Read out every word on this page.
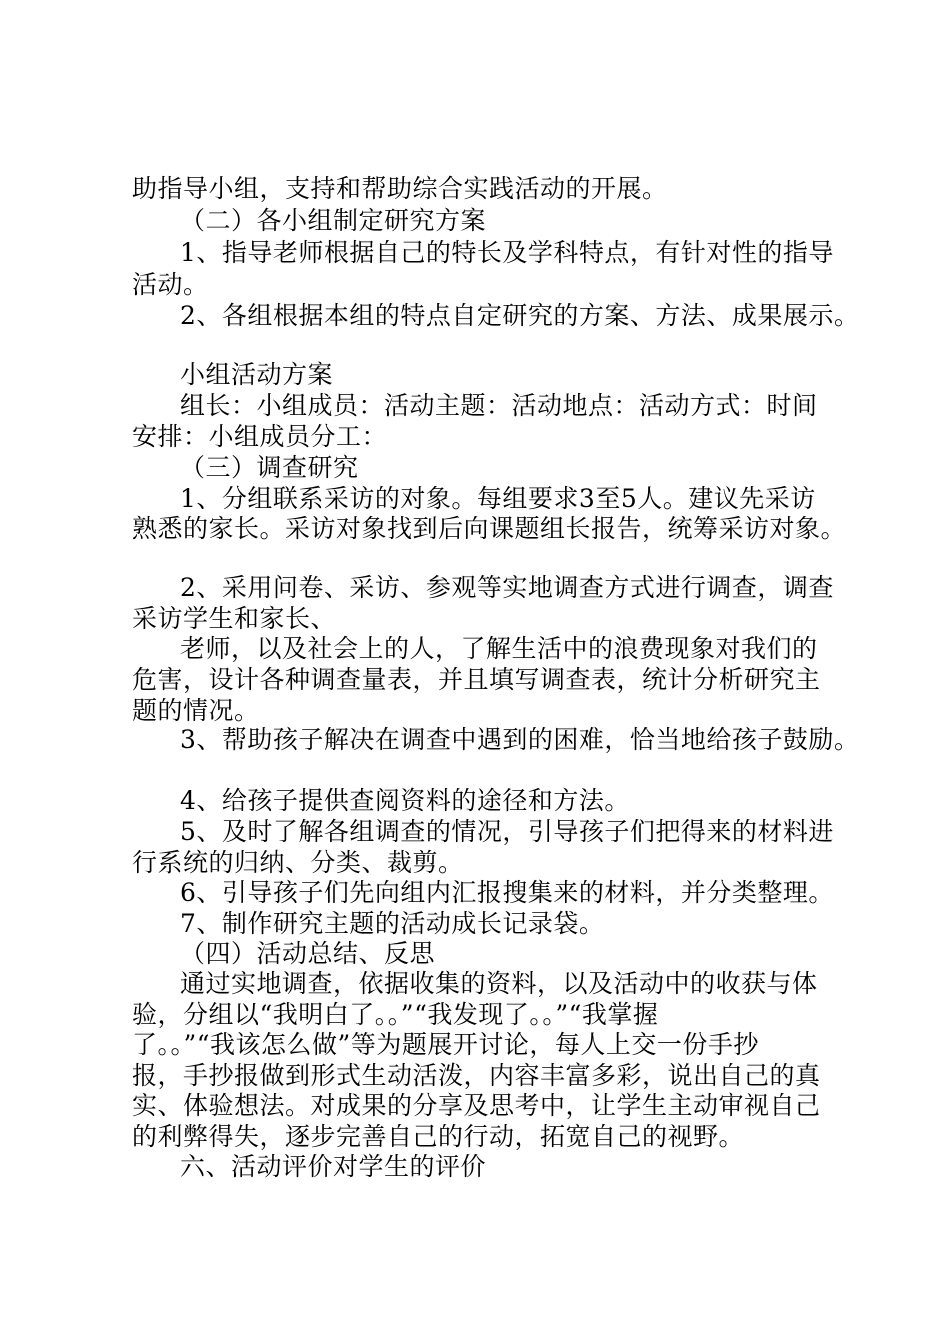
助指导小组，支持和帮助综合实践活动的开展。
（二）各小组制定研究方案
1、指导老师根据自己的特长及学科特点，有针对性的指导
活动。
2、各组根据本组的特点自定研究的方案、方法、成果展示。
小组活动方案
组长：小组成员：活动主题：活动地点：活动方式：时间
安排：小组成员分工：
（三）调查研究
1、分组联系采访的对象。每组要求3至5人。建议先采访
熟悉的家长。采访对象找到后向课题组长报告，统筹采访对象。
2、采用问卷、采访、参观等实地调查方式进行调查，调查
采访学生和家长、
老师，以及社会上的人，了解生活中的浪费现象对我们的
危害，设计各种调查量表，并且填写调查表，统计分析研究主
题的情况。
3、帮助孩子解决在调查中遇到的困难，恰当地给孩子鼓励。
4、给孩子提供查阅资料的途径和方法。
5、及时了解各组调查的情况，引导孩子们把得来的材料进
行系统的归纳、分类、裁剪。
6、引导孩子们先向组内汇报搜集来的材料，并分类整理。
7、制作研究主题的活动成长记录袋。
（四）活动总结、反思
通过实地调查，依据收集的资料，以及活动中的收获与体
验，分组以“我明白了。。”“我发现了。。”“我掌握
了。。”“我该怎么做”等为题展开讨论，每人上交一份手抄
报，手抄报做到形式生动活泼，内容丰富多彩，说出自己的真
实、体验想法。对成果的分享及思考中，让学生主动审视自己
的利弊得失，逐步完善自己的行动，拓宽自己的视野。
六、活动评价对学生的评价
